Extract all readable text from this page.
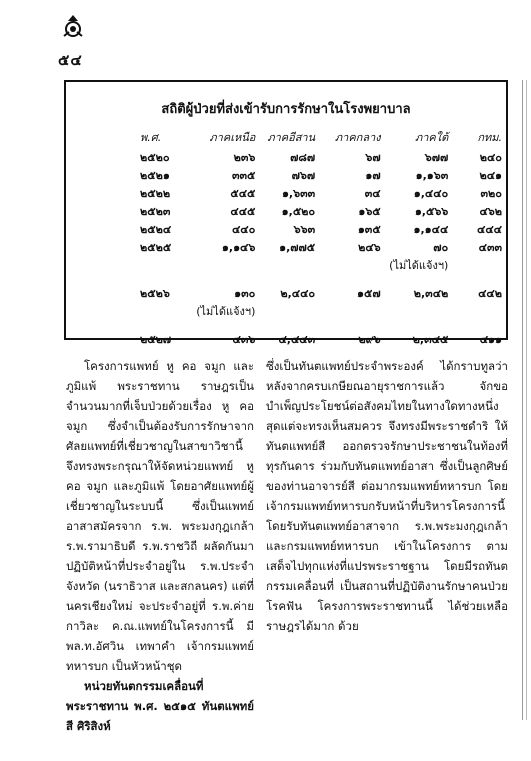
๕๔
สถิติผู้ป่วยที่ส่งเข้ารับการรักษาในโรงพยาบาล
พ.ศ.	ภาคเหนือ	ภาคอีสาน	ภาคกลาง	ภาคใต้	กทม.
๒๕๒๐	๒๓๖	๗๘๗	๖๗	๖๗๗	๒๔๐
๒๕๒๑	๓๓๕	๗๖๗	๑๗	๑,๑๖๓	๒๔๑
๒๕๒๒	๕๔๕	๑,๖๓๓	๓๔	๑,๔๔๐	๓๒๐
๒๕๒๓	๔๔๕	๑,๕๒๐	๑๖๕	๑,๕๖๖	๔๖๒
๒๕๒๔	๔๔๐	๖๖๓	๑๓๕	๑,๑๔๔	๔๔๔
๒๕๒๕	๑,๑๔๖	๑,๗๗๕	๒๔๖	๗๐	๔๓๓
(ไม่ได้แจ้งฯ)					

๒๕๒๖	๑๓๐	๒,๔๔๐	๑๕๗	๒,๓๔๒	๔๔๒
(ไม่ได้แจ้งฯ)					

๒๕๒๗	๔๓๖	๔,๔๔๓	๒๙๖	๒,๓๔๕	๔๑๑

โครงการแพทย์ หู คอ จมูก และภูมิแพ้ พระราชทาน ราษฎรเป็นจำนวนมากที่เจ็บป่วยด้วยเรื่อง หู คอ จมูก ซึ่งจำเป็นต้องรับการรักษาจากศัลยแพทย์ที่เชี่ยวชาญในสาขาวิชานี้ จึงทรงพระกรุณาให้จัดหน่วยแพทย์ หู คอ จมูก และภูมิแพ้ โดยอาศัยแพทย์ผู้เชี่ยวชาญในระบบนี้ ซึ่งเป็นแพทย์อาสาสมัครจาก ร.พ. พระมงกุฎเกล้า ร.พ.รามาธิบดี ร.พ.ราชวิถี ผลัดกันมาปฏิบัติหน้าที่ประจำอยู่ใน ร.พ.ประจำจังหวัด (นราธิวาส และสกลนคร) แต่ที่นครเชียงใหม่ จะประจำอยู่ที่ ร.พ.ค่าย กาวิละ ค.ณ.แพทย์ในโครงการนี้ มี พล.ท.อัศวิน เทพาคำ เจ้ากรมแพทย์ทหารบก เป็นหัวหน้าชุด

หน่วยทันตกรรมเคลื่อนที่พระราชทาน พ.ศ. ๒๕๑๕ ทันตแพทย์สี ศิริสิงห์

ซึ่งเป็นทันตแพทย์ประจำพระองค์ ได้กราบทูลว่า หลังจากครบเกษียณอายุราชการแล้ว จักขอบำเพ็ญประโยชน์ต่อสังคมไทยในทางใดทางหนึ่ง สุดแต่จะทรงเห็นสมควร จึงทรงมีพระราชดำริ ให้ทันตแพทย์สี ออกตรวจรักษาประชาชนในท้องที่ทุรกันดาร ร่วมกับทันตแพทย์อาสา ซึ่งเป็นลูกศิษย์ของท่านอาจารย์สี ต่อมากรมแพทย์ทหารบก โดยเจ้ากรมแพทย์ทหารบกรับหน้าที่บริหารโครงการนี้ โดยรับทันตแพทย์อาสาจาก ร.พ.พระมงกุฎเกล้า และกรมแพทย์ทหารบก เข้าในโครงการ ตามเสด็จไปทุกแห่งที่แปรพระราชฐาน โดยมีรถทันตกรรมเคลื่อนที่ เป็นสถานที่ปฏิบัติงานรักษาคนป่วยโรคฟัน โครงการพระราชทานนี้ ได้ช่วยเหลือราษฎรได้มาก ด้วย
